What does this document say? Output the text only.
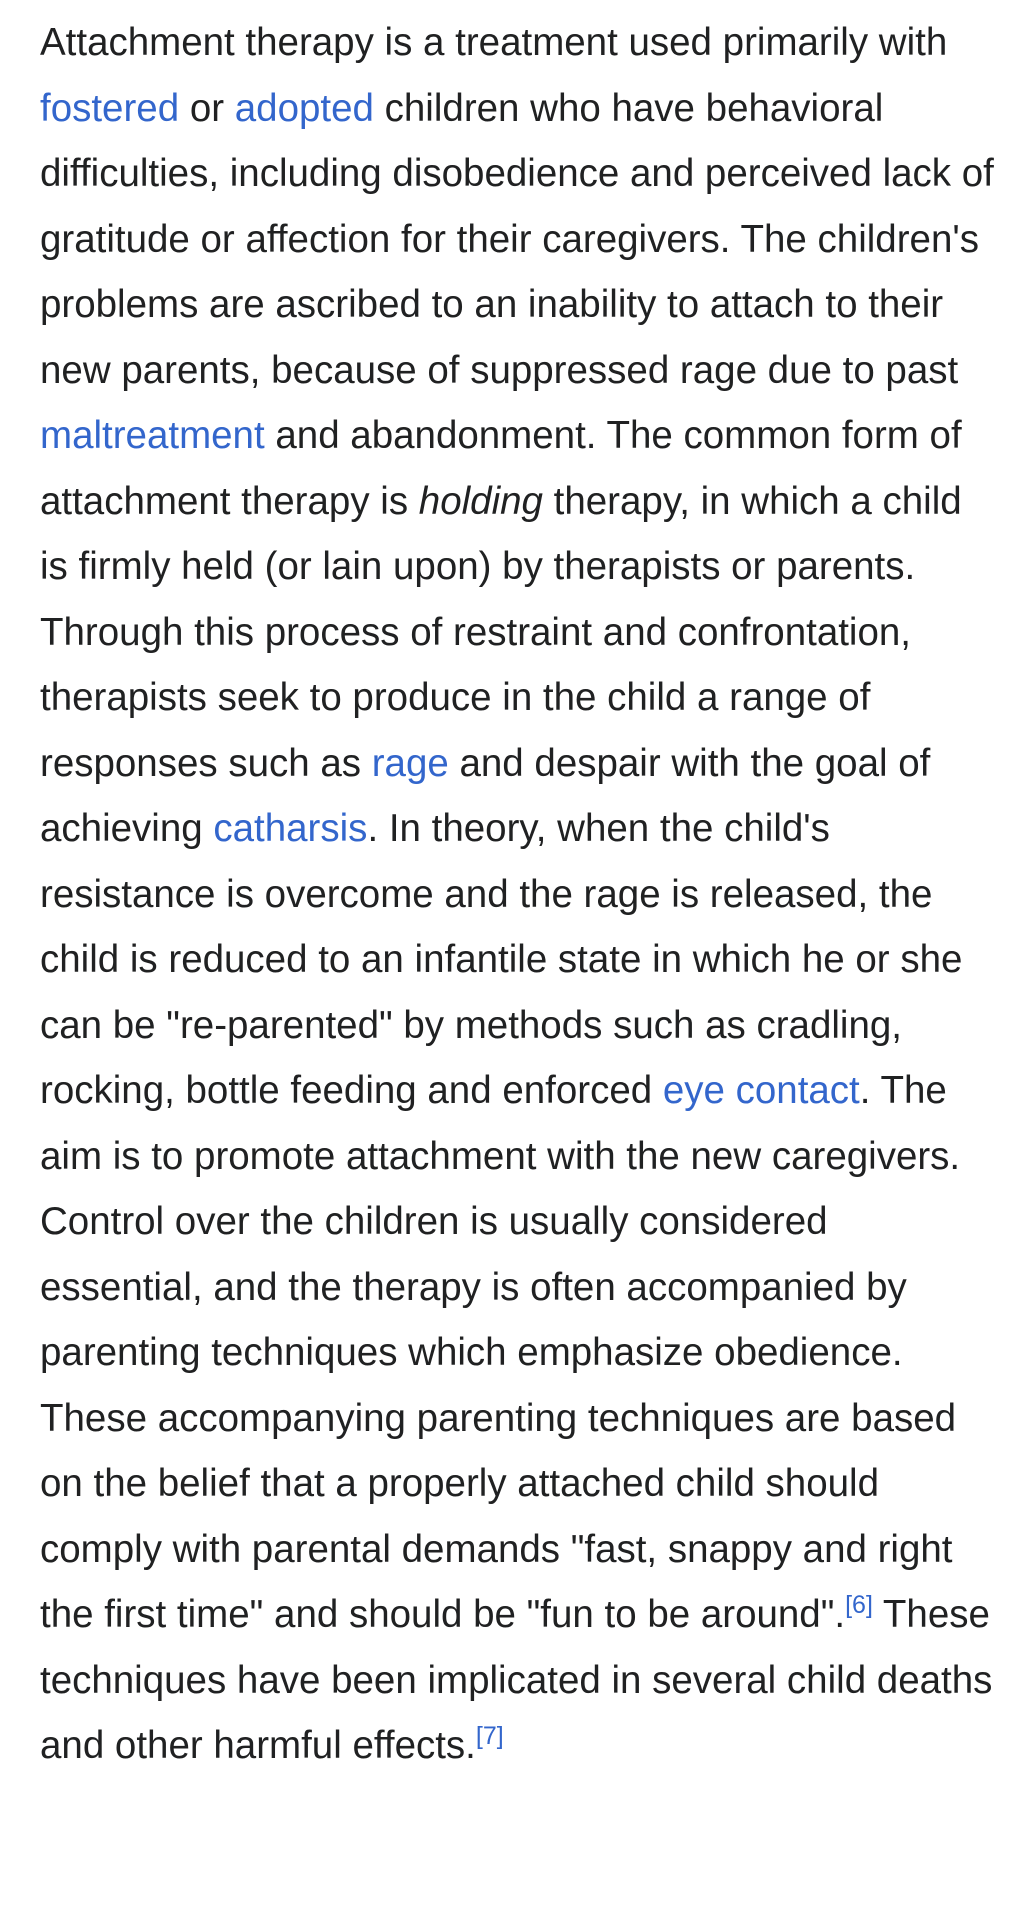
Attachment therapy is a treatment used primarily with fostered or adopted children who have behavioral difficulties, including disobedience and perceived lack of gratitude or affection for their caregivers. The children's problems are ascribed to an inability to attach to their new parents, because of suppressed rage due to past maltreatment and abandonment. The common form of attachment therapy is holding therapy, in which a child is firmly held (or lain upon) by therapists or parents. Through this process of restraint and confrontation, therapists seek to produce in the child a range of responses such as rage and despair with the goal of achieving catharsis. In theory, when the child's resistance is overcome and the rage is released, the child is reduced to an infantile state in which he or she can be "re-parented" by methods such as cradling, rocking, bottle feeding and enforced eye contact. The aim is to promote attachment with the new caregivers. Control over the children is usually considered essential, and the therapy is often accompanied by parenting techniques which emphasize obedience. These accompanying parenting techniques are based on the belief that a properly attached child should comply with parental demands "fast, snappy and right the first time" and should be "fun to be around".[6] These techniques have been implicated in several child deaths and other harmful effects.[7]
